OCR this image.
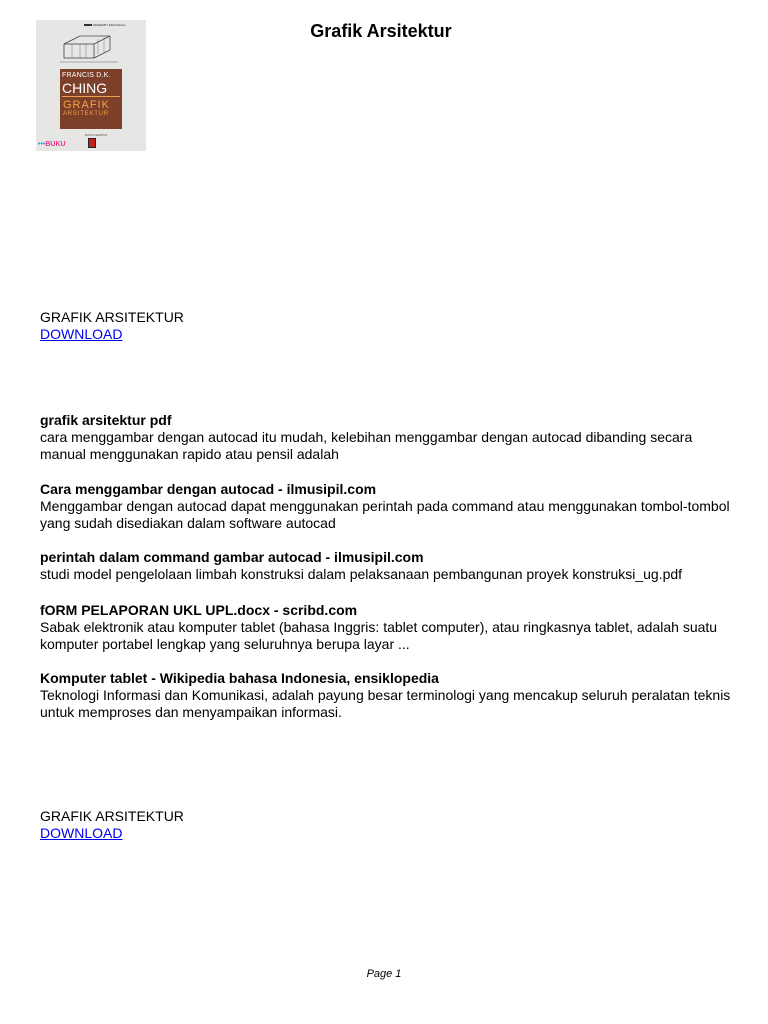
Grafik Arsitektur
PENERBIT ERLANGGA
FRANCIS D.K.
CHING
GRAFIK
ARSITEKTUR
EDISI KEEMPAT
•••BUKU
GRAFIK ARSITEKTUR
DOWNLOAD
grafik arsitektur pdf
cara menggambar dengan autocad itu mudah, kelebihan menggambar dengan autocad dibanding secara manual menggunakan rapido atau pensil adalah
Cara menggambar dengan autocad - ilmusipil.com
Menggambar dengan autocad dapat menggunakan perintah pada command atau menggunakan tombol-tombol yang sudah disediakan dalam software autocad
perintah dalam command gambar autocad - ilmusipil.com
studi model pengelolaan limbah konstruksi dalam pelaksanaan pembangunan proyek konstruksi_ug.pdf
fORM PELAPORAN UKL UPL.docx - scribd.com
Sabak elektronik atau komputer tablet (bahasa Inggris: tablet computer), atau ringkasnya tablet, adalah suatu komputer portabel lengkap yang seluruhnya berupa layar ...
Komputer tablet - Wikipedia bahasa Indonesia, ensiklopedia
Teknologi Informasi dan Komunikasi, adalah payung besar terminologi yang mencakup seluruh peralatan teknis untuk memproses dan menyampaikan informasi.
GRAFIK ARSITEKTUR
DOWNLOAD
Page 1
